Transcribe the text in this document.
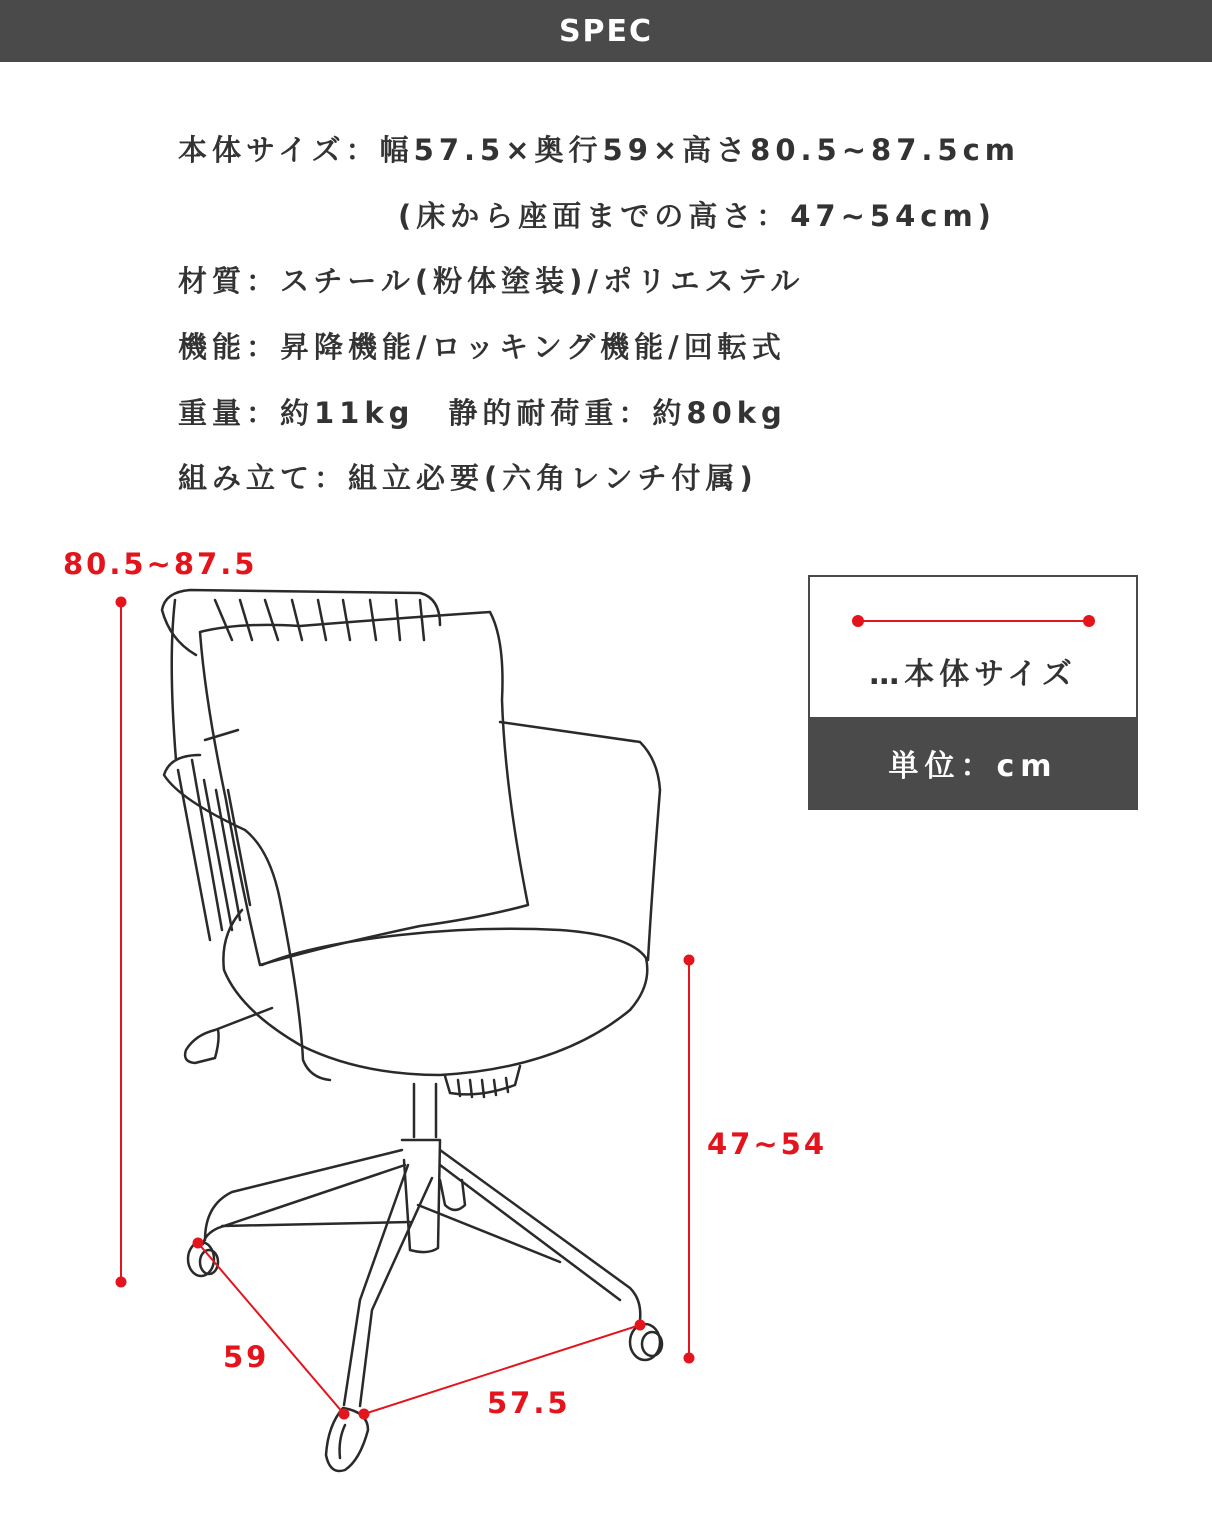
SPEC
本体サイズ：幅57.5×奥行59×高さ80.5~87.5cm
(床から座面までの高さ：47~54cm)
材質：スチール(粉体塗装)/ポリエステル
機能：昇降機能/ロッキング機能/回転式
重量：約11kg　静的耐荷重：約80kg
組み立て：組立必要(六角レンチ付属)
80.5~87.5
47~54
59
57.5
…本体サイズ
単位：cm
